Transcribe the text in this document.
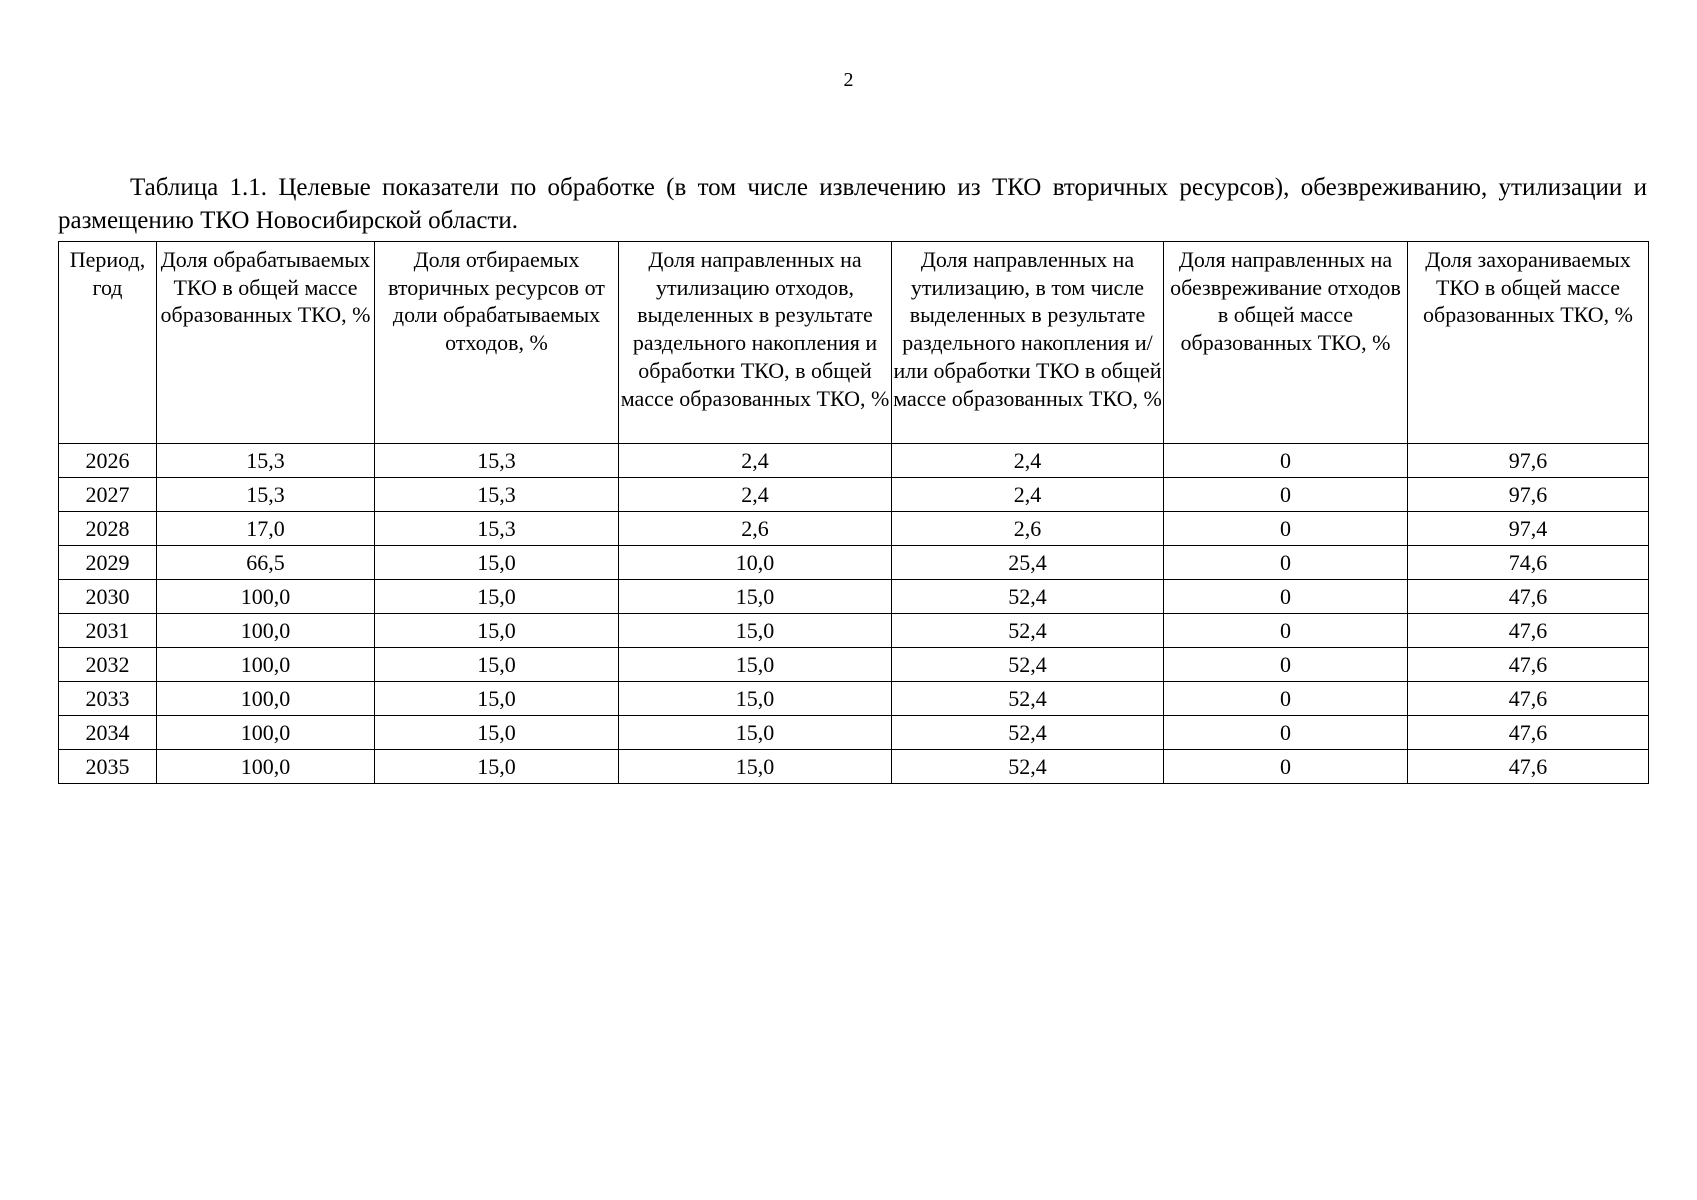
2

Таблица 1.1. Целевые показатели по обработке (в том числе извлечению из ТКО вторичных ресурсов), обезвреживанию, утилизации и размещению ТКО Новосибирской области.

Период, год	Доля обрабатываемых ТКО в общей массе образованных ТКО, %	Доля отбираемых вторичных ресурсов от доли обрабатываемых отходов, %	Доля направленных на утилизацию отходов, выделенных в результате раздельного накопления и обработки ТКО, в общей массе образованных ТКО, %	Доля направленных на утилизацию, в том числе выделенных в результате раздельного накопления и/или обработки ТКО в общей массе образованных ТКО, %	Доля направленных на обезвреживание отходов в общей массе образованных ТКО, %	Доля захораниваемых ТКО в общей массе образованных ТКО, %
2026	15,3	15,3	2,4	2,4	0	97,6
2027	15,3	15,3	2,4	2,4	0	97,6
2028	17,0	15,3	2,6	2,6	0	97,4
2029	66,5	15,0	10,0	25,4	0	74,6
2030	100,0	15,0	15,0	52,4	0	47,6
2031	100,0	15,0	15,0	52,4	0	47,6
2032	100,0	15,0	15,0	52,4	0	47,6
2033	100,0	15,0	15,0	52,4	0	47,6
2034	100,0	15,0	15,0	52,4	0	47,6
2035	100,0	15,0	15,0	52,4	0	47,6
